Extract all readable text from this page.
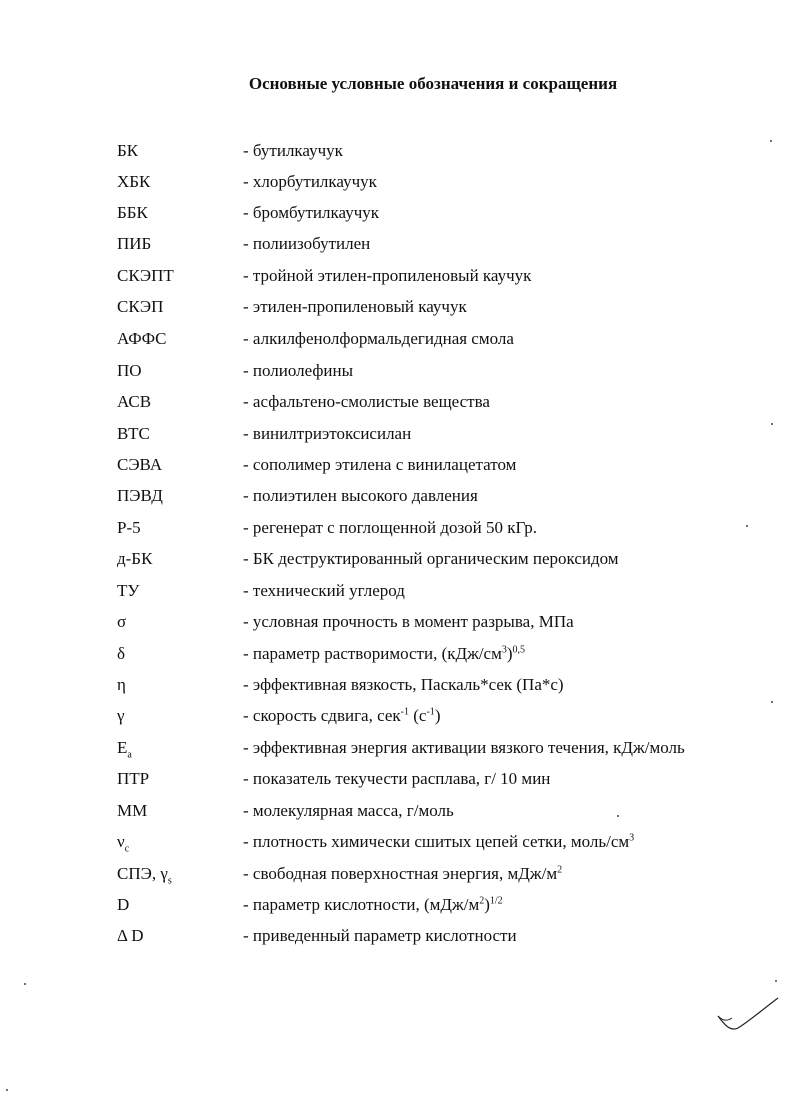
Основные условные обозначения и сокращения
БК	- бутилкаучук
ХБК	- хлорбутилкаучук
ББК	- бромбутилкаучук
ПИБ	- полиизобутилен
СКЭПТ	- тройной этилен-пропиленовый каучук
СКЭП	- этилен-пропиленовый каучук
АФФС	- алкилфенолформальдегидная смола
ПО	- полиолефины
АСВ	- асфальтено-смолистые вещества
ВТС	- винилтриэтоксисилан
СЭВА	- сополимер этилена с винилацетатом
ПЭВД	- полиэтилен высокого давления
Р-5	- регенерат с поглощенной дозой 50 кГр.
д-БК	- БК деструктированный органическим пероксидом
ТУ	- технический углерод
σ	- условная прочность в момент разрыва, МПа
δ	- параметр растворимости, $(кДж/см^3)^{0,5}$
η	- эффективная вязкость, Паскаль*сек (Па*с)
γ	- скорость сдвига, сек$^{-1}$ $(с^{-1})$
$E_a$	- эффективная энергия активации вязкого течения, кДж/моль
ПТР	- показатель текучести расплава, г/ 10 мин
ММ	- молекулярная масса, г/моль
$\nu_c$	- плотность химически сшитых цепей сетки, моль/$см^3$
СПЭ, $\gamma_s$	- свободная поверхностная энергия, мДж/$м^2$
D	- параметр кислотности, $(мДж/м^2)^{1/2}$
Δ D	- приведенный параметр кислотности
